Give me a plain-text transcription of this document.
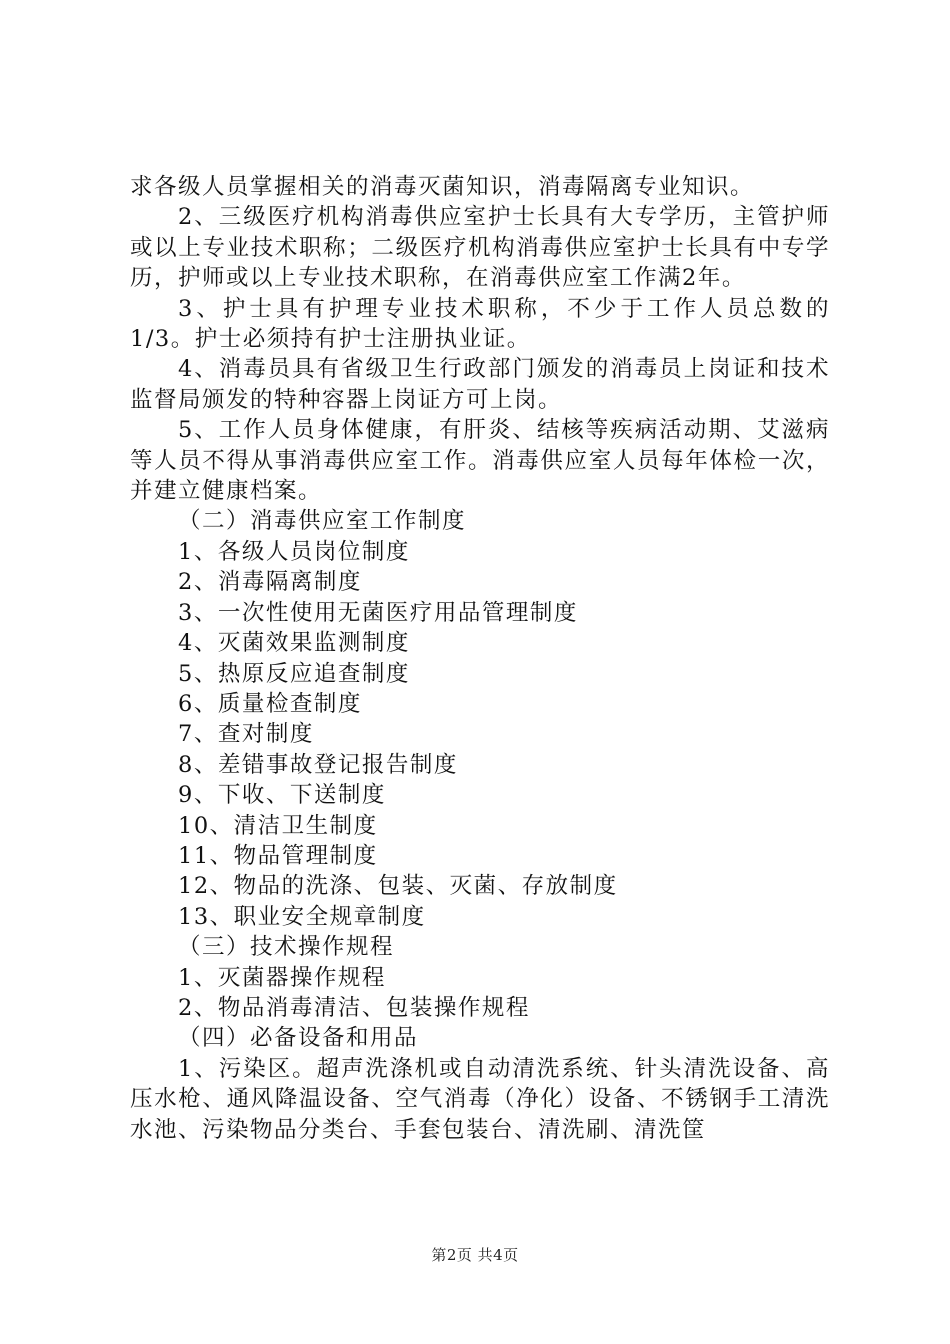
求各级人员掌握相关的消毒灭菌知识，消毒隔离专业知识。

2、三级医疗机构消毒供应室护士长具有大专学历，主管护师或以上专业技术职称；二级医疗机构消毒供应室护士长具有中专学历，护师或以上专业技术职称，在消毒供应室工作满2年。

3、护士具有护理专业技术职称，不少于工作人员总数的1/3。护士必须持有护士注册执业证。

4、消毒员具有省级卫生行政部门颁发的消毒员上岗证和技术监督局颁发的特种容器上岗证方可上岗。

5、工作人员身体健康，有肝炎、结核等疾病活动期、艾滋病等人员不得从事消毒供应室工作。消毒供应室人员每年体检一次，并建立健康档案。

（二）消毒供应室工作制度

1、各级人员岗位制度

2、消毒隔离制度

3、一次性使用无菌医疗用品管理制度

4、灭菌效果监测制度

5、热原反应追查制度

6、质量检查制度

7、查对制度

8、差错事故登记报告制度

9、下收、下送制度

10、清洁卫生制度

11、物品管理制度

12、物品的洗涤、包装、灭菌、存放制度

13、职业安全规章制度

（三）技术操作规程

1、灭菌器操作规程

2、物品消毒清洁、包装操作规程

（四）必备设备和用品

1、污染区。超声洗涤机或自动清洗系统、针头清洗设备、高压水枪、通风降温设备、空气消毒（净化）设备、不锈钢手工清洗水池、污染物品分类台、手套包装台、清洗刷、清洗筐

第2页 共4页
